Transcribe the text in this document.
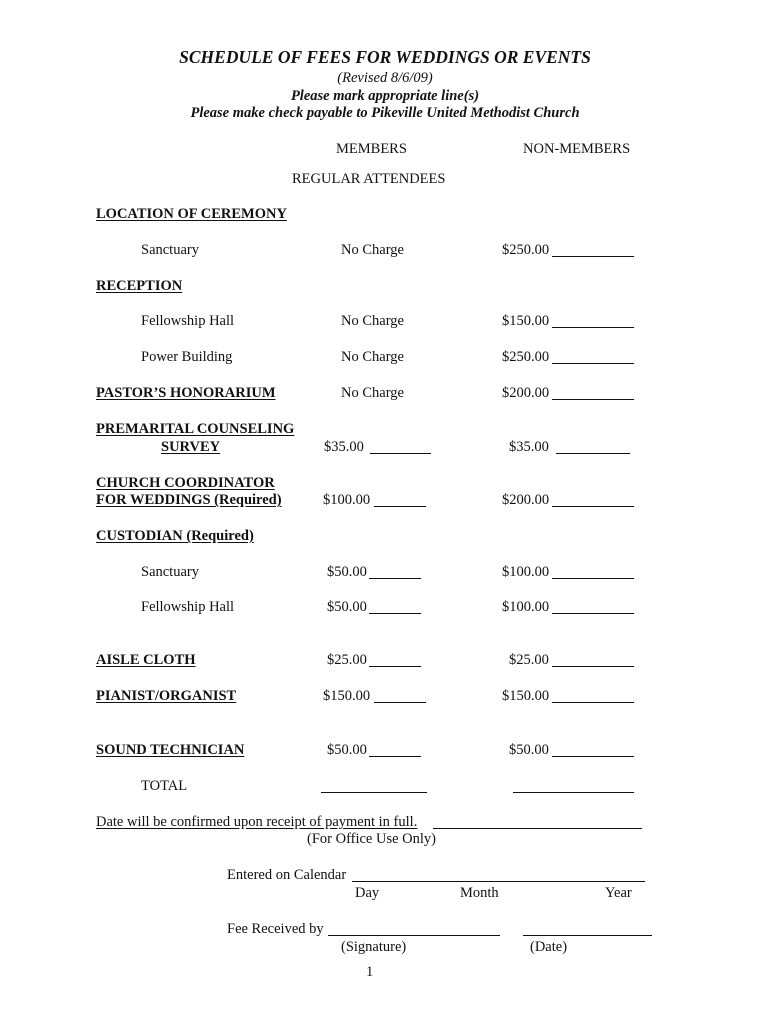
SCHEDULE OF FEES FOR WEDDINGS OR EVENTS
(Revised 8/6/09)
Please mark appropriate line(s)
Please make check payable to Pikeville United Methodist Church
MEMBERS	NON-MEMBERS
REGULAR ATTENDEES
LOCATION OF CEREMONY
Sanctuary	No Charge	$250.00
RECEPTION
Fellowship Hall	No Charge	$150.00
Power Building	No Charge	$250.00
PASTOR’S HONORARIUM	No Charge	$200.00
PREMARITAL COUNSELING
SURVEY	$35.00	$35.00
CHURCH COORDINATOR
FOR WEDDINGS (Required)	$100.00	$200.00
CUSTODIAN (Required)
Sanctuary	$50.00	$100.00
Fellowship Hall	$50.00	$100.00
AISLE CLOTH	$25.00	$25.00
PIANIST/ORGANIST	$150.00	$150.00
SOUND TECHNICIAN	$50.00	$50.00
TOTAL
Date will be confirmed upon receipt of payment in full.
(For Office Use Only)
Entered on Calendar
Day	Month	Year
Fee Received by
(Signature)	(Date)
1
